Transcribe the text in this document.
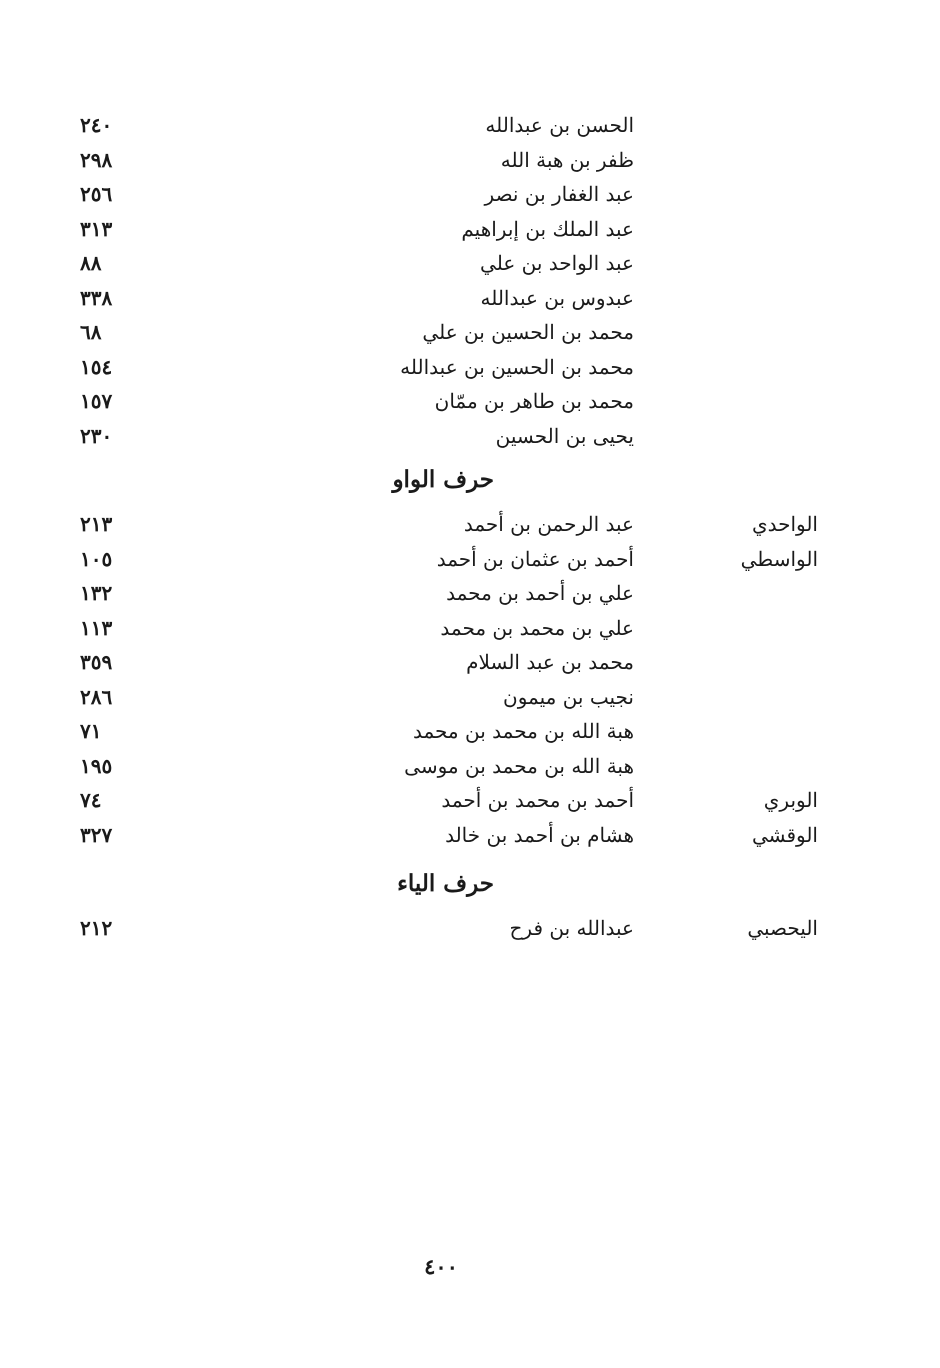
الحسن بن عبدالله
٢٤٠
ظفر بن هبة الله
٢٩٨
عبد الغفار بن نصر
٢٥٦
عبد الملك بن إبراهيم
٣١٣
عبد الواحد بن علي
٨٨
عبدوس بن عبدالله
٣٣٨
محمد بن الحسين بن علي
٦٨
محمد بن الحسين بن عبدالله
١٥٤
محمد بن طاهر بن ممّان
١٥٧
يحيى بن الحسين
٢٣٠
حرف الواو
الواحدي
عبد الرحمن بن أحمد
٢١٣
الواسطي
أحمد بن عثمان بن أحمد
١٠٥
علي بن أحمد بن محمد
١٣٢
علي بن محمد بن محمد
١١٣
محمد بن عبد السلام
٣٥٩
نجيب بن ميمون
٢٨٦
هبة الله بن محمد بن محمد
٧١
هبة الله بن محمد بن موسى
١٩٥
الوبري
أحمد بن محمد بن أحمد
٧٤
الوقشي
هشام بن أحمد بن خالد
٣٢٧
حرف الياء
اليحصبي
عبدالله بن فرح
٢١٢
٤٠٠
